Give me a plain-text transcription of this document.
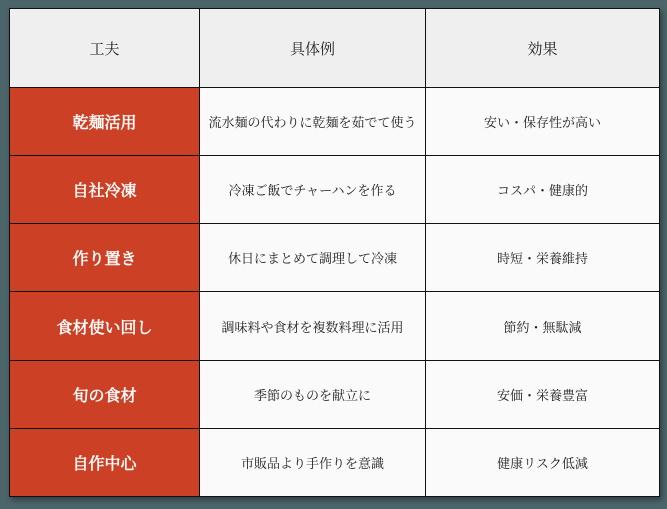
工夫	具体例	効果
乾麺活用	流水麺の代わりに乾麺を茹でて使う	安い・保存性が高い
自社冷凍	冷凍ご飯でチャーハンを作る	コスパ・健康的
作り置き	休日にまとめて調理して冷凍	時短・栄養維持
食材使い回し	調味料や食材を複数料理に活用	節約・無駄減
旬の食材	季節のものを献立に	安価・栄養豊富
自作中心	市販品より手作りを意識	健康リスク低減
